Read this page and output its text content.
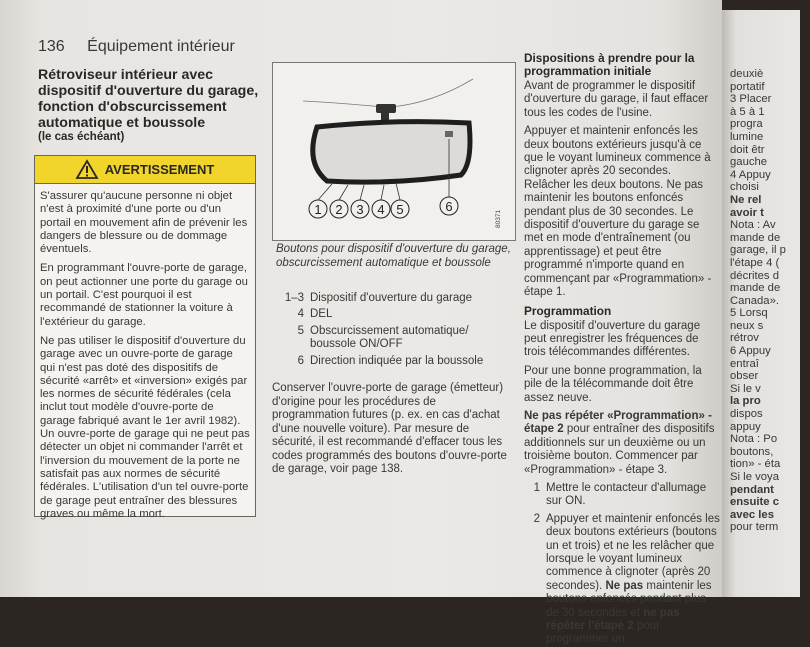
136 Équipement intérieur
Rétroviseur intérieur avec dispositif d'ouverture du garage, fonction d'obscurcissement automatique et boussole
(le cas échéant)
AVERTISSEMENT

S'assurer qu'aucune personne ni objet n'est à proximité d'une porte ou d'un portail en mouvement afin de prévenir les dangers de blessure ou de dommage éventuels.

En programmant l'ouvre-porte de garage, on peut actionner une porte du garage ou un portail. C'est pourquoi il est recommandé de stationner la voiture à l'extérieur du garage.

Ne pas utiliser le dispositif d'ouverture du garage avec un ouvre-porte de garage qui n'est pas doté des dispositifs de sécurité «arrêt» et «inversion» exigés par les normes de sécurité fédérales (cela inclut tout modèle d'ouvre-porte de garage fabriqué avant le 1er avril 1982). Un ouvre-porte de garage qui ne peut pas détecter un objet ni commander l'arrêt et l'inversion du mouvement de la porte ne satisfait pas aux normes de sécurité fédérales. L'utilisation d'un tel ouvre-porte de garage peut entraîner des blessures graves ou même la mort.

1 2 3 4 5	6
80371
Boutons pour dispositif d'ouverture du garage, obscurcissement automatique et boussole
1–3 Dispositif d'ouverture du garage
4 DEL
5 Obscurcissement automatique/ boussole ON/OFF
6 Direction indiquée par la boussole
Conserver l'ouvre-porte de garage (émetteur) d'origine pour les procédures de programmation futures (p. ex. en cas d'achat d'une nouvelle voiture). Par mesure de sécurité, il est recommandé d'effacer tous les codes programmés des boutons d'ouvre-porte de garage, voir page 138.
Dispositions à prendre pour la programmation initiale

Avant de programmer le dispositif d'ouverture du garage, il faut effacer tous les codes de l'usine.

Appuyer et maintenir enfoncés les deux boutons extérieurs jusqu'à ce que le voyant lumineux commence à clignoter après 20 secondes. Relâcher les deux boutons. Ne pas maintenir les boutons enfoncés pendant plus de 30 secondes. Le dispositif d'ouverture du garage se met en mode d'entraînement (ou apprentissage) et peut être programmé n'importe quand en commençant par «Programmation» - étape 1.

Programmation

Le dispositif d'ouverture du garage peut enregistrer les fréquences de trois télécommandes différentes.

Pour une bonne programmation, la pile de la télécommande doit être assez neuve.

Ne pas répéter «Programmation» - étape 2 pour entraîner des dispositifs additionnels sur un deuxième ou un troisième bouton. Commencer par «Programmation» - étape 3.

1 Mettre le contacteur d'allumage sur ON.
2 Appuyer et maintenir enfoncés les deux boutons extérieurs (boutons un et trois) et ne les relâcher que lorsque le voyant lumineux commence à clignoter (après 20 secondes). Ne pas maintenir les boutons enfoncés pendant plus de 30 secondes et ne pas répéter l'étape 2 pour programmer un
deuxiè
portatif
3 Placer
à 5 à 1
progra
lumine
doit êtr
gauche
4 Appuy
choisi
Ne rel
avoir t
Nota : Av
mande de
garage, il p
l'étape 4 (
décrites d
mande de
Canada».
5 Lorsq
neux s
rétrov
6 Appuy
entraî
obser
Si le v
la pro
dispos
appuy
Nota : Po
boutons,
tion» - éta
Si le voya
pendant
ensuite c
avec les
pour term
